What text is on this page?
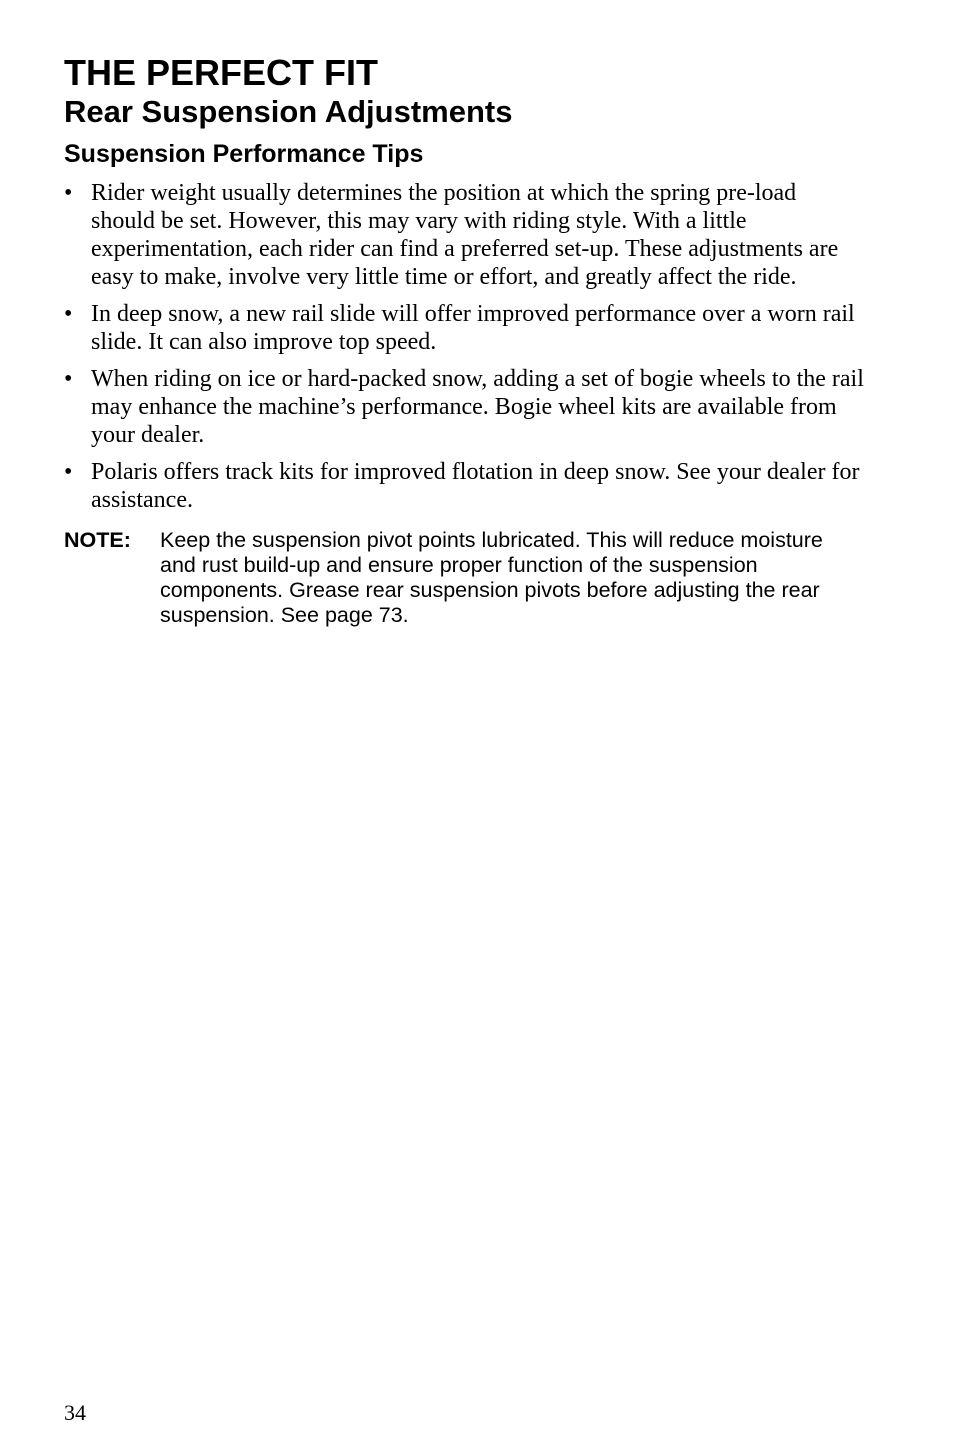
THE PERFECT FIT
Rear Suspension Adjustments
Suspension Performance Tips
• Rider weight usually determines the position at which the spring pre-load should be set. However, this may vary with riding style. With a little experimentation, each rider can find a preferred set-up. These adjustments are easy to make, involve very little time or effort, and greatly affect the ride.
• In deep snow, a new rail slide will offer improved performance over a worn rail slide. It can also improve top speed.
• When riding on ice or hard-packed snow, adding a set of bogie wheels to the rail may enhance the machine’s performance. Bogie wheel kits are available from your dealer.
• Polaris offers track kits for improved flotation in deep snow. See your dealer for assistance.
NOTE:	Keep the suspension pivot points lubricated. This will reduce moisture and rust build-up and ensure proper function of the suspension components. Grease rear suspension pivots before adjusting the rear suspension. See page 73.
34
